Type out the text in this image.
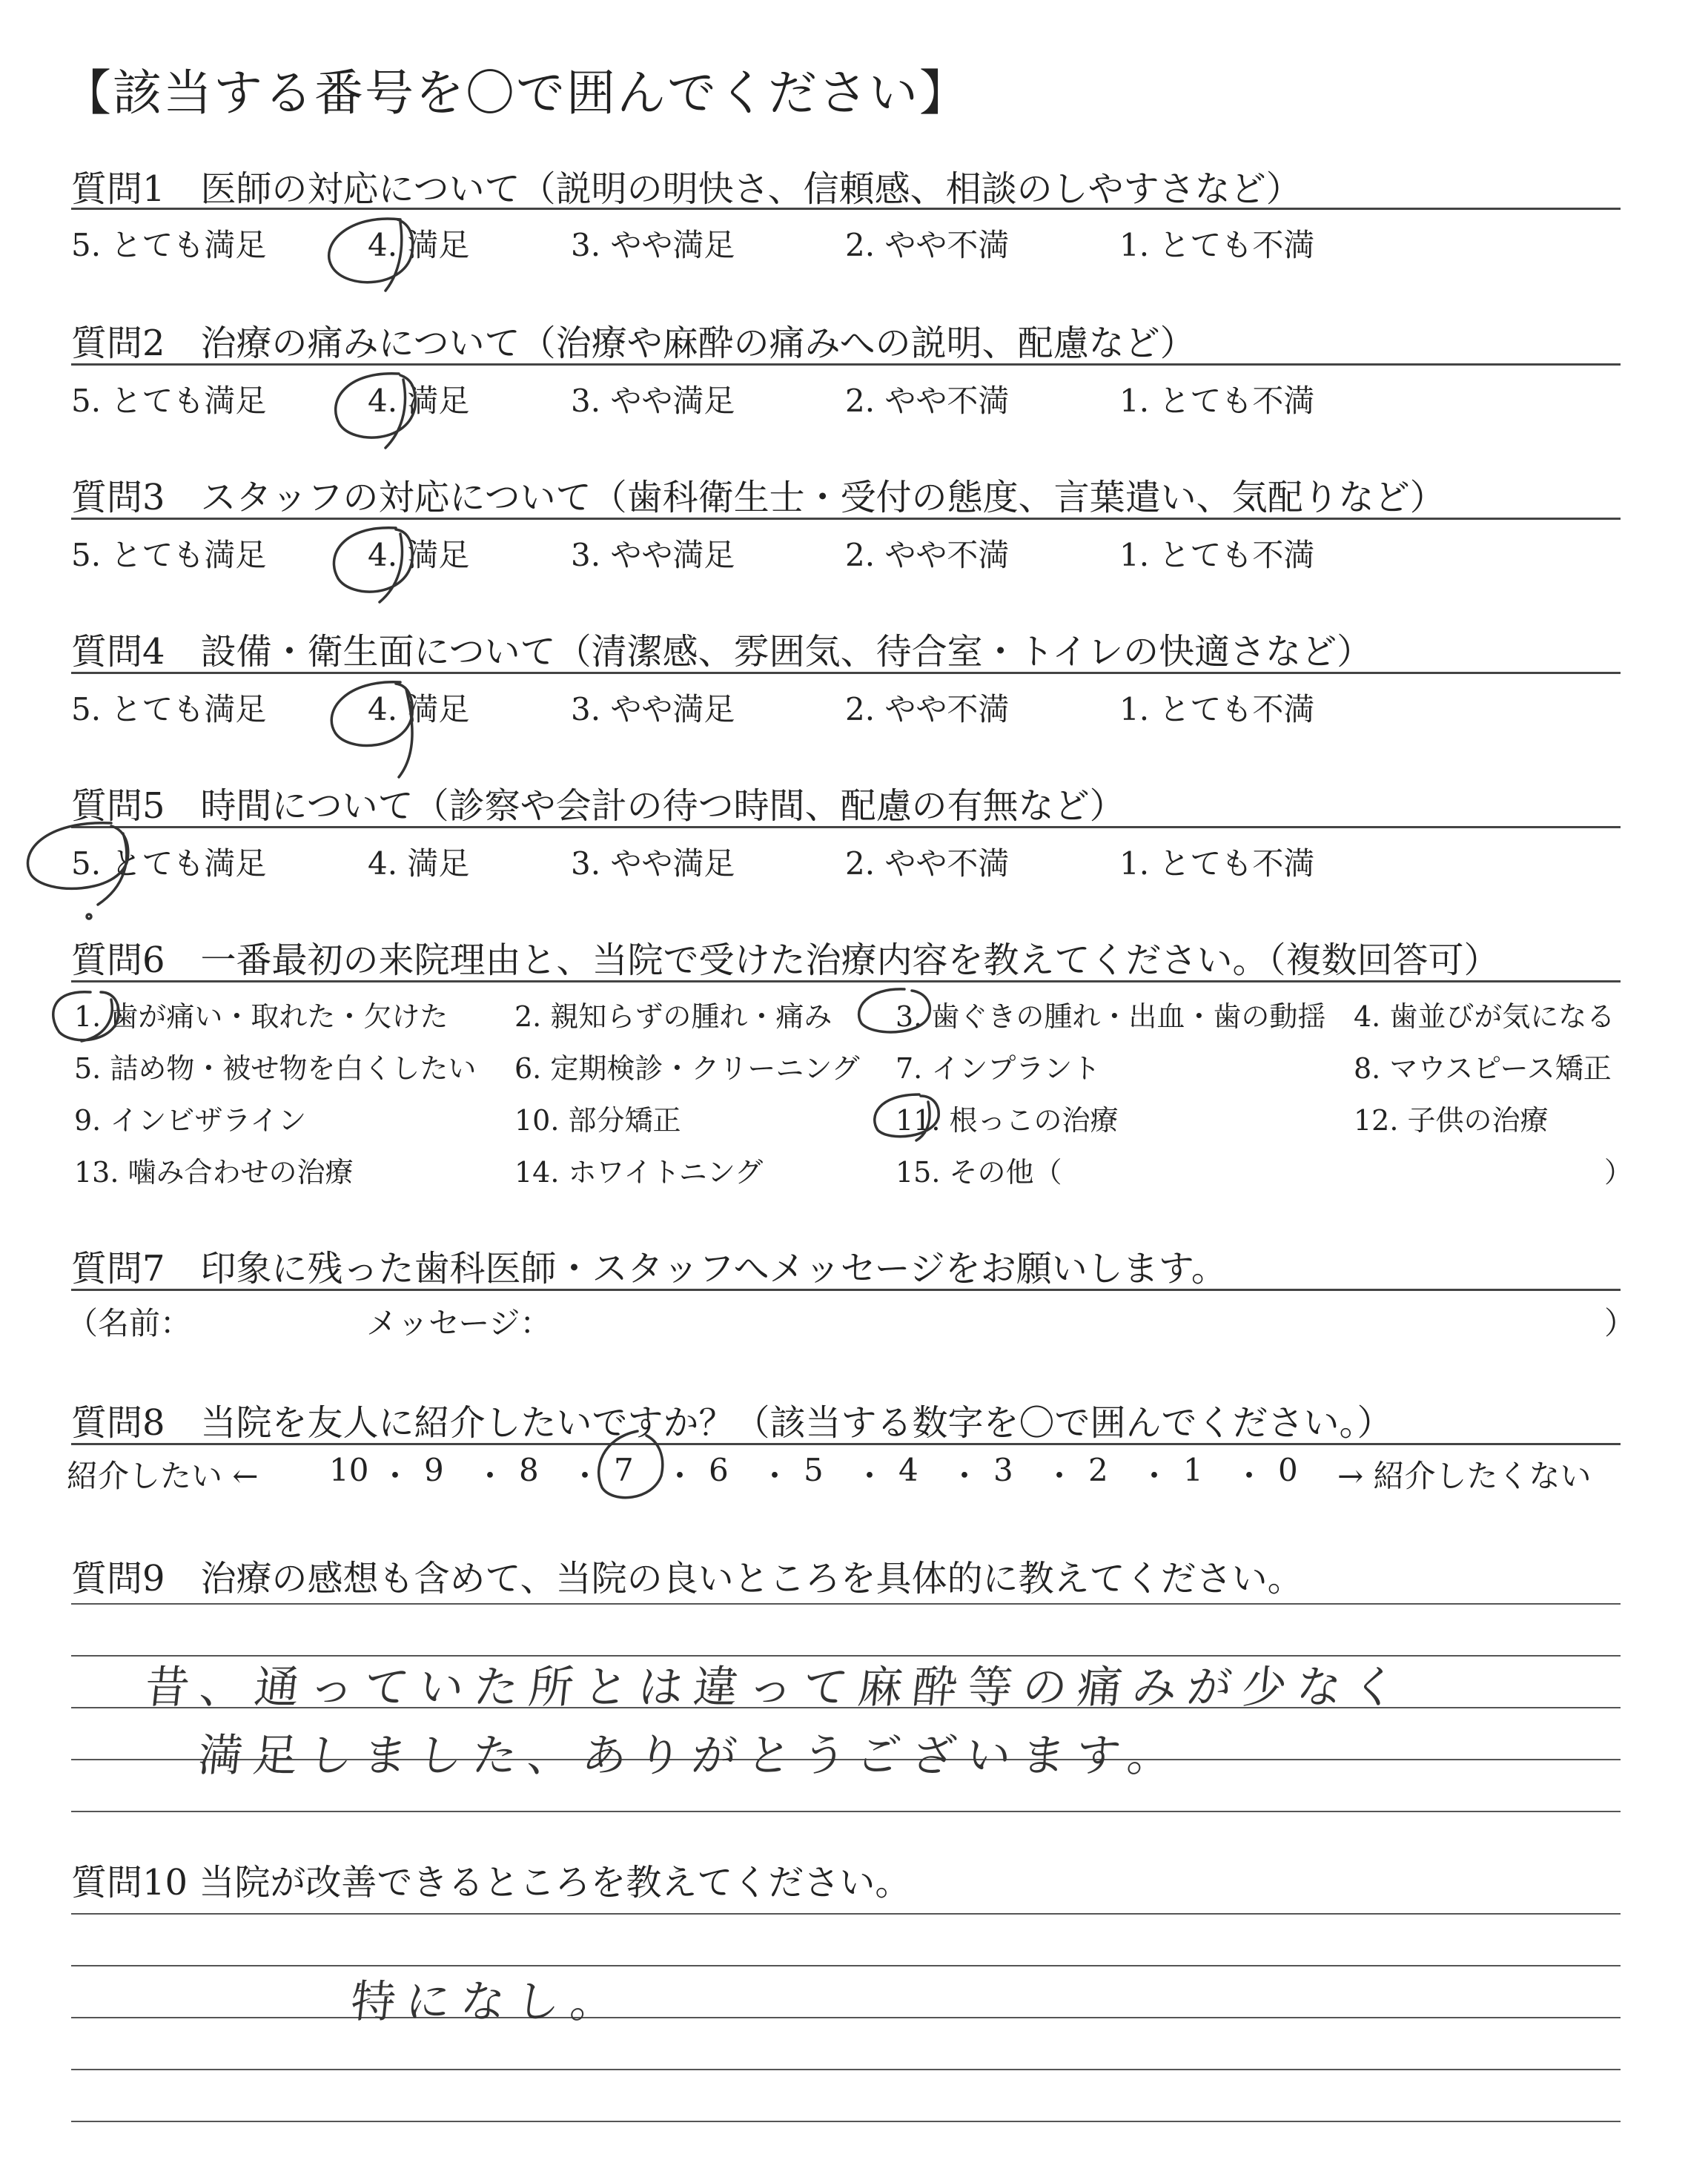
【該当する番号を〇で囲んでください】
質問1　医師の対応について（説明の明快さ、信頼感、相談のしやすさなど）
5. とても満足	4. 満足	3. やや満足	2. やや不満	1. とても不満
質問2　治療の痛みについて（治療や麻酔の痛みへの説明、配慮など）
5. とても満足	4. 満足	3. やや満足	2. やや不満	1. とても不満
質問3　スタッフの対応について（歯科衛生士・受付の態度、言葉遣い、気配りなど）
5. とても満足	4. 満足	3. やや満足	2. やや不満	1. とても不満
質問4　設備・衛生面について（清潔感、雰囲気、待合室・トイレの快適さなど）
5. とても満足	4. 満足	3. やや満足	2. やや不満	1. とても不満
質問5　時間について（診察や会計の待つ時間、配慮の有無など）
5. とても満足	4. 満足	3. やや満足	2. やや不満	1. とても不満
質問6　一番最初の来院理由と、当院で受けた治療内容を教えてください。（複数回答可）
1. 歯が痛い・取れた・欠けた 2. 親知らずの腫れ・痛み 3. 歯ぐきの腫れ・出血・歯の動揺 4. 歯並びが気になる
5. 詰め物・被せ物を白くしたい 6. 定期検診・クリーニング 7. インプラント	8. マウスピース矯正
9. インビザライン	10. 部分矯正	11. 根っこの治療	12. 子供の治療
13. 噛み合わせの治療	14. ホワイトニング	15. その他（	）
質問7　印象に残った歯科医師・スタッフへメッセージをお願いします。
（名前：	メッセージ：	）
質問8　当院を友人に紹介したいですか？（該当する数字を〇で囲んでください。）
紹介したい ← 10 ・ 9 ・ 8 ・ 7 ・ 6 ・ 5 ・ 4 ・ 3 ・ 2 ・ 1 ・ 0 → 紹介したくない
質問9　治療の感想も含めて、当院の良いところを具体的に教えてください。
昔、通っていた所とは違って麻酔等の痛みが少なく
満足しました、ありがとうございます。
質問10 当院が改善できるところを教えてください。
特になし。
